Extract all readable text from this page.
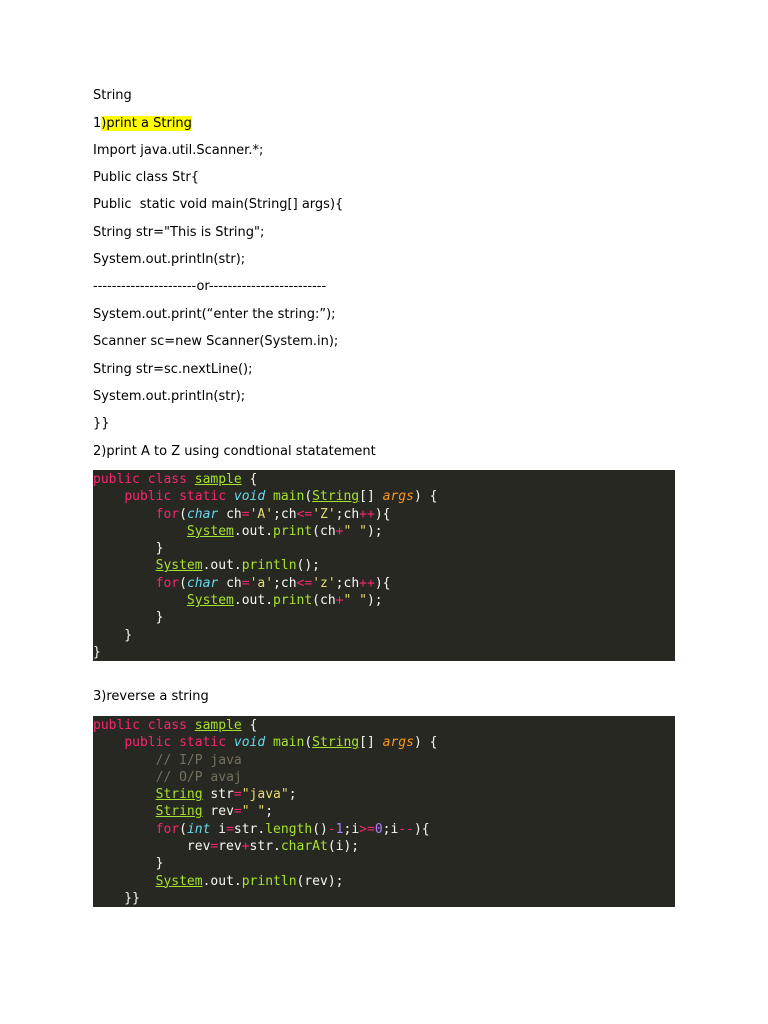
String
1)print a String
Import java.util.Scanner.*;
Public class Str{
Public  static void main(String[] args){
String str="This is String";
System.out.println(str);
----------------------or-------------------------
System.out.print(“enter the string:”);
Scanner sc=new Scanner(System.in);
String str=sc.nextLine();
System.out.println(str);
}}
2)print A to Z using condtional statatement
public class sample {
public static void main(String[] args) {
for(char ch='A';ch<='Z';ch++){
System.out.print(ch+" ");
}
System.out.println();
for(char ch='a';ch<='z';ch++){
System.out.print(ch+" ");
}
}
}
3)reverse a string
public class sample {
public static void main(String[] args) {
// I/P java
// O/P avaj
String str="java";
String rev=" ";
for(int i=str.length()-1;i>=0;i--){
rev=rev+str.charAt(i);
}
System.out.println(rev);
}}
